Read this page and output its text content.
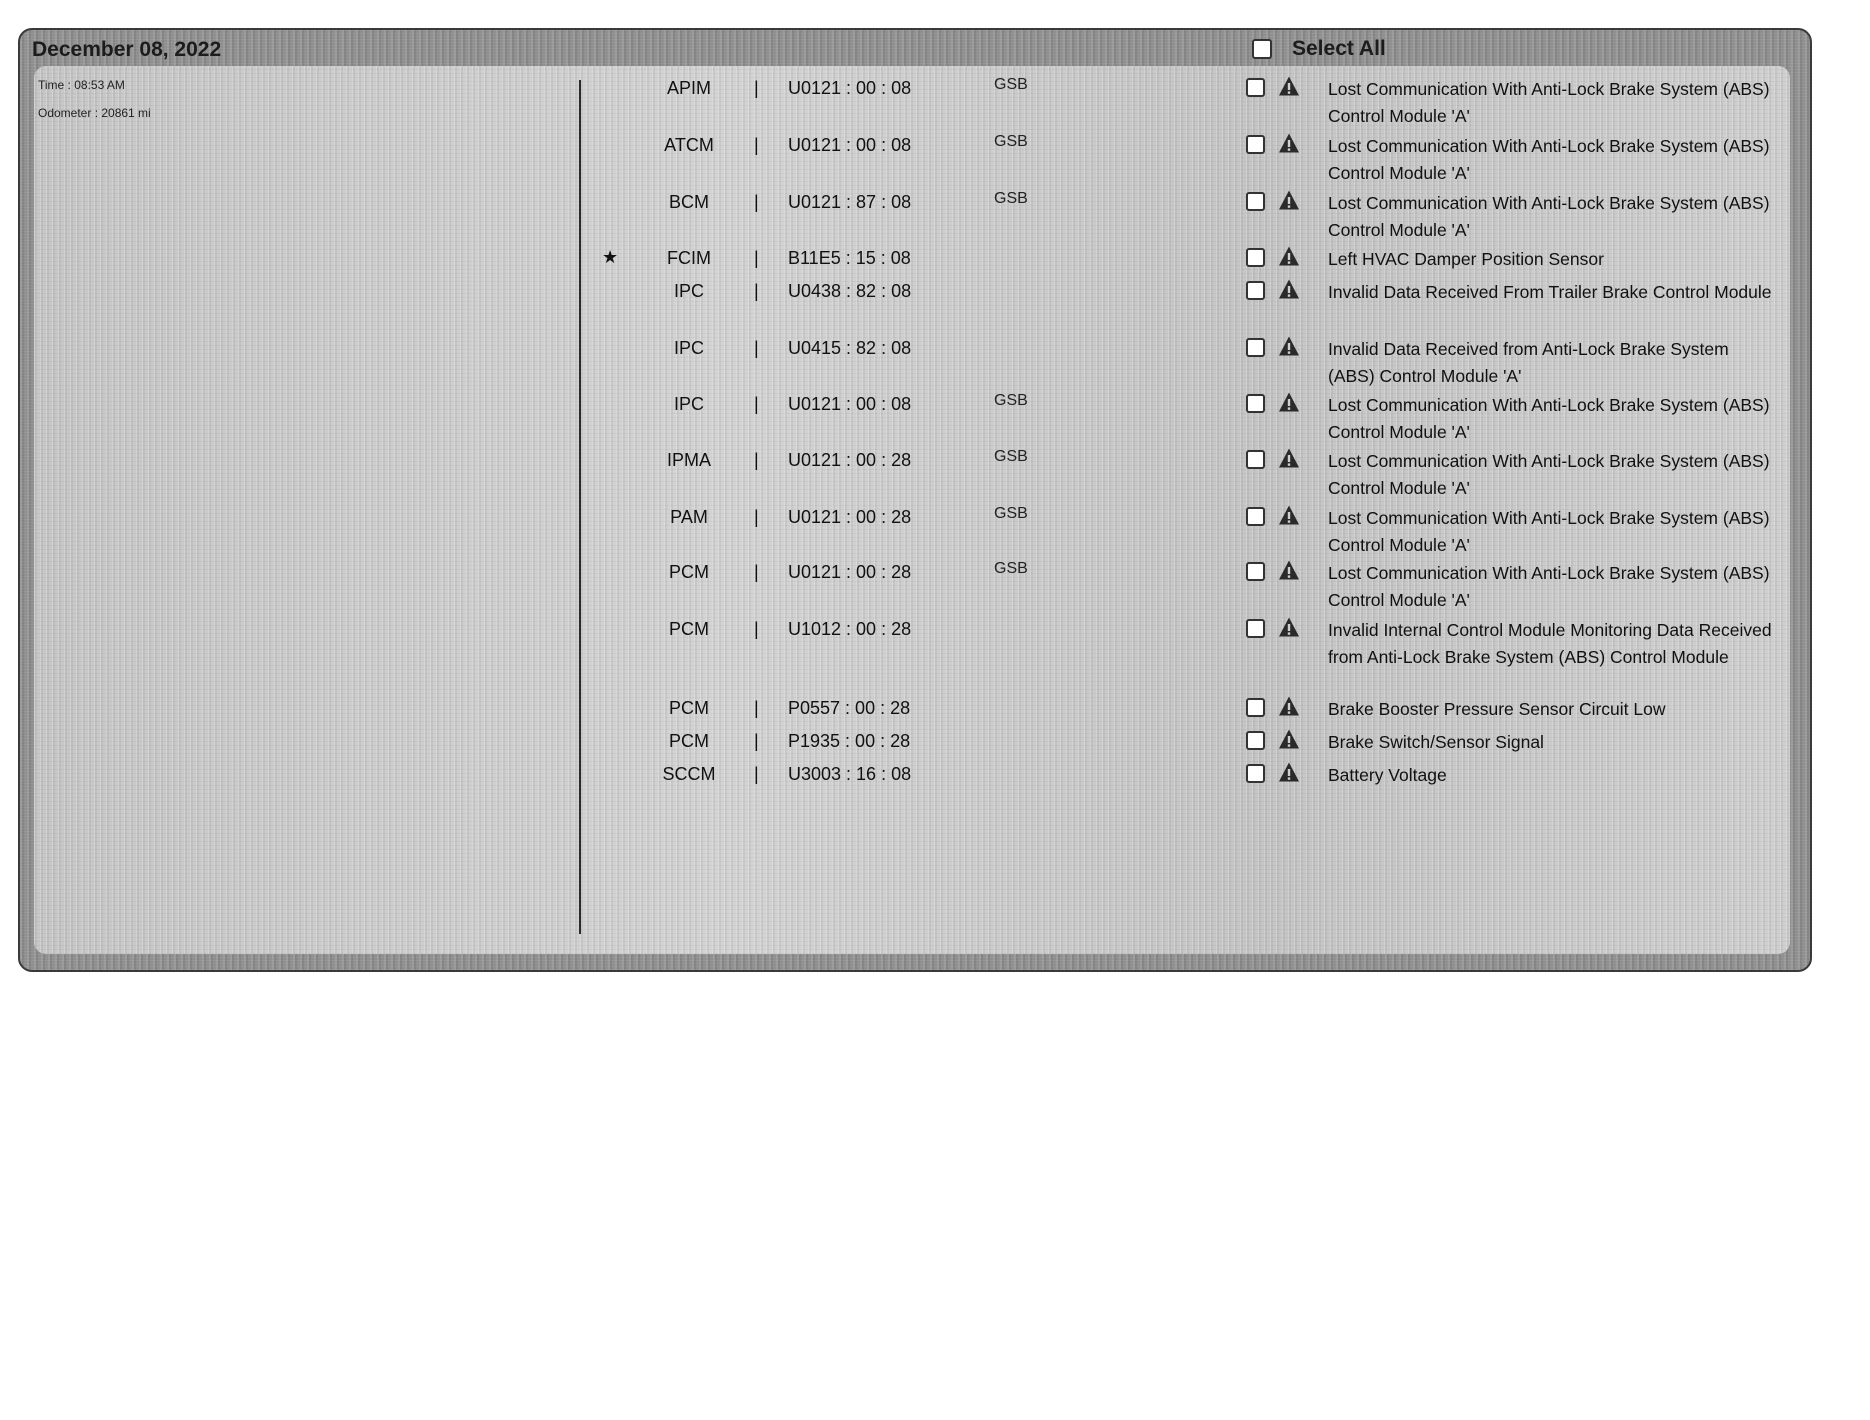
December 08, 2022	Select All
Time : 08:53 AM
Odometer : 20861 mi
APIM	| U0121 : 00 : 08	GSB	Lost Communication With Anti-Lock Brake System (ABS) Control Module 'A'
ATCM	| U0121 : 00 : 08	GSB	Lost Communication With Anti-Lock Brake System (ABS) Control Module 'A'
BCM	| U0121 : 87 : 08	GSB	Lost Communication With Anti-Lock Brake System (ABS) Control Module 'A'
★	FCIM	| B11E5 : 15 : 08	Left HVAC Damper Position Sensor
IPC	| U0438 : 82 : 08	Invalid Data Received From Trailer Brake Control Module
IPC	| U0415 : 82 : 08	Invalid Data Received from Anti-Lock Brake System (ABS) Control Module 'A'
IPC	| U0121 : 00 : 08	GSB	Lost Communication With Anti-Lock Brake System (ABS) Control Module 'A'
IPMA	| U0121 : 00 : 28	GSB	Lost Communication With Anti-Lock Brake System (ABS) Control Module 'A'
PAM	| U0121 : 00 : 28	GSB	Lost Communication With Anti-Lock Brake System (ABS) Control Module 'A'
PCM	| U0121 : 00 : 28	GSB	Lost Communication With Anti-Lock Brake System (ABS) Control Module 'A'
PCM	| U1012 : 00 : 28	Invalid Internal Control Module Monitoring Data Received from Anti-Lock Brake System (ABS) Control Module
PCM	| P0557 : 00 : 28	Brake Booster Pressure Sensor Circuit Low
PCM	| P1935 : 00 : 28	Brake Switch/Sensor Signal
SCCM	| U3003 : 16 : 08	Battery Voltage
